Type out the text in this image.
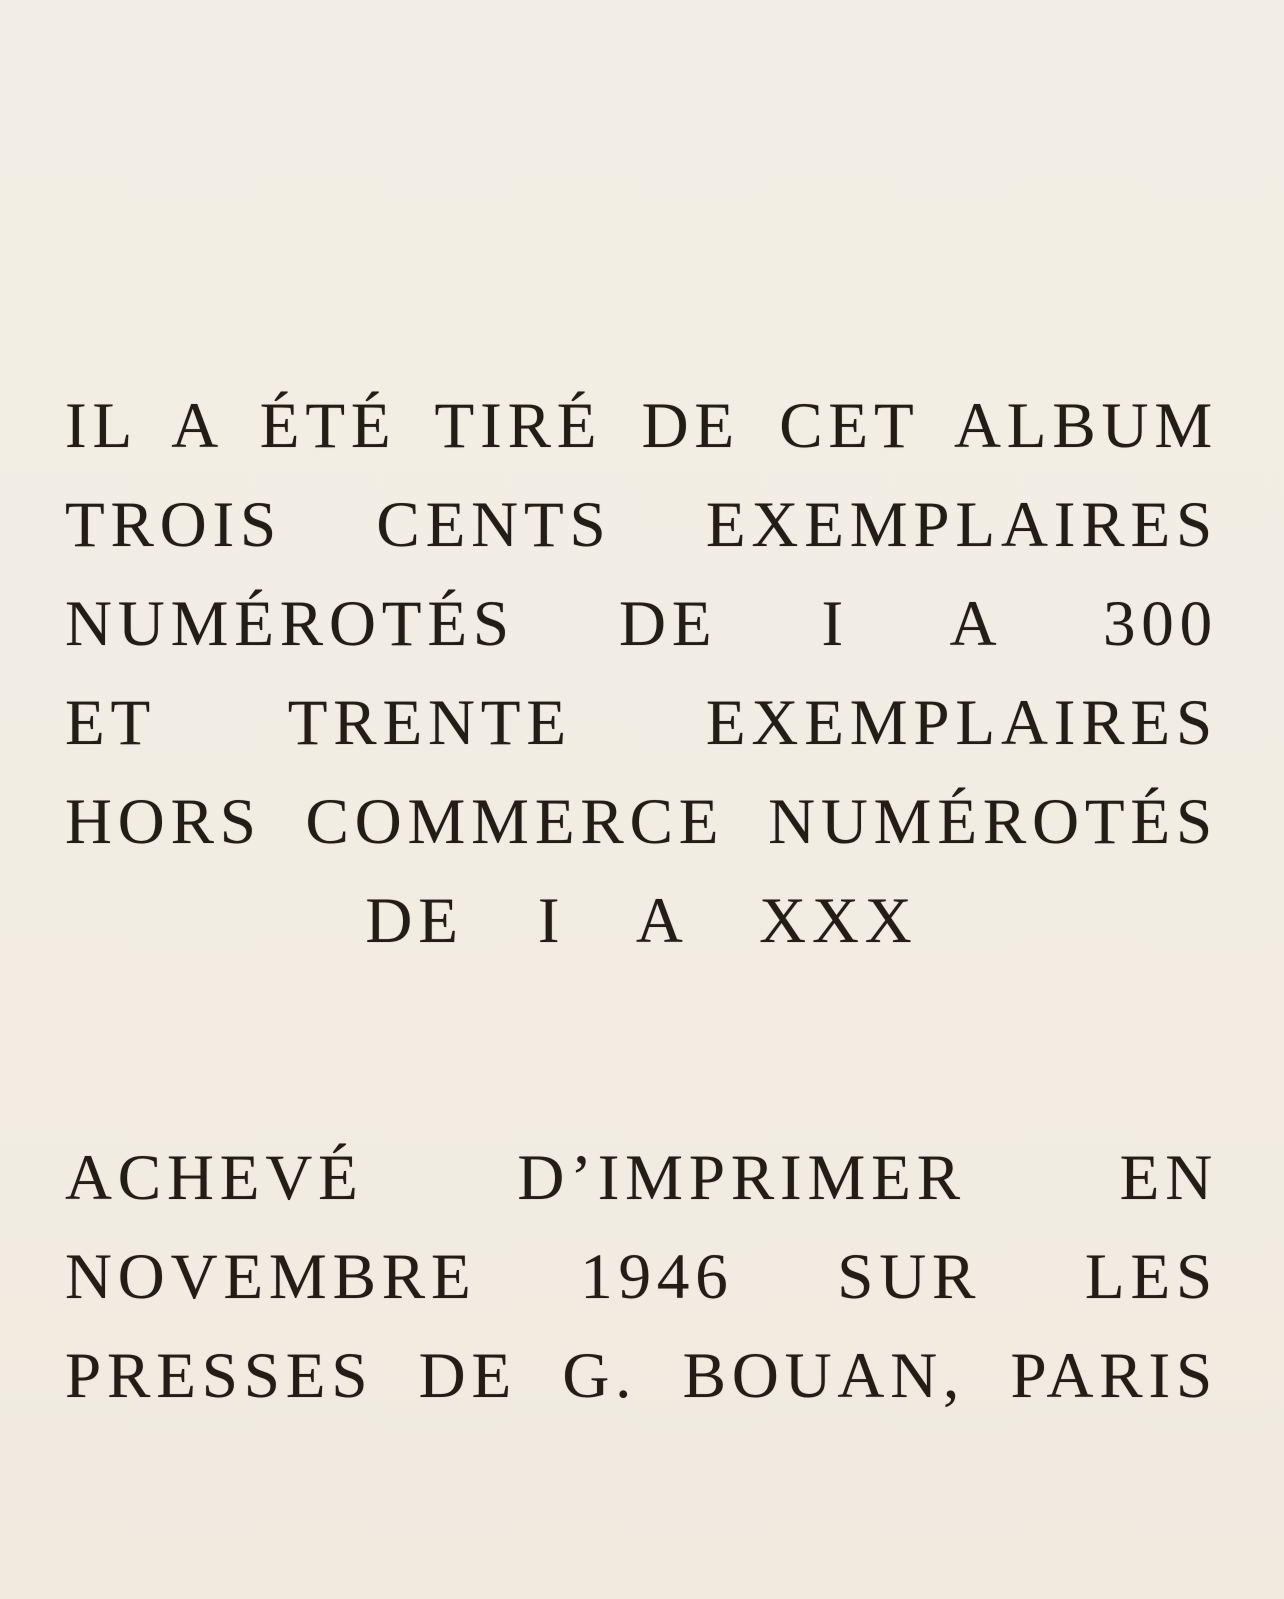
IL A ÉTÉ TIRÉ DE CET ALBUM
TROIS CENTS EXEMPLAIRES
NUMÉROTÉS DE I A 300
ET TRENTE EXEMPLAIRES
HORS COMMERCE NUMÉROTÉS
DE I A XXX
ACHEVÉ D’IMPRIMER EN
NOVEMBRE 1946 SUR LES
PRESSES DE G. BOUAN, PARIS
